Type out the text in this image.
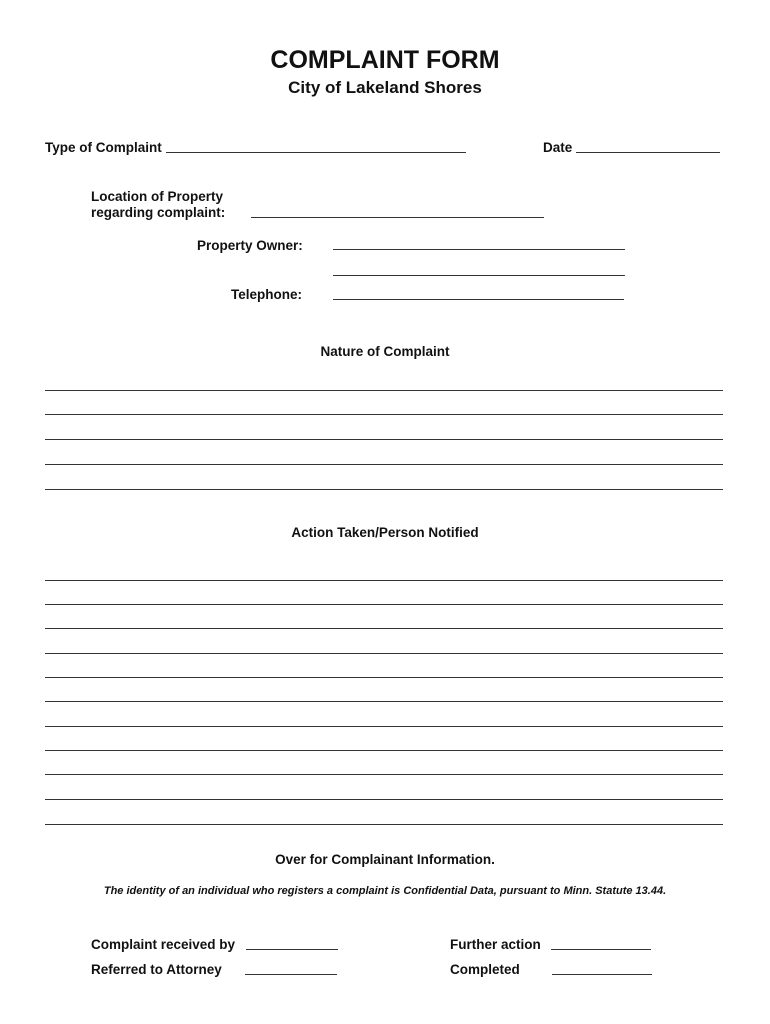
COMPLAINT FORM
City of Lakeland Shores
Type of Complaint	Date
Location of Property
regarding complaint:
Property Owner:
Telephone:
Nature of Complaint
Action Taken/Person Notified
Over for Complainant Information.
The identity of an individual who registers a complaint is Confidential Data, pursuant to Minn. Statute 13.44.
Complaint received by	Further action
Referred to Attorney	Completed
